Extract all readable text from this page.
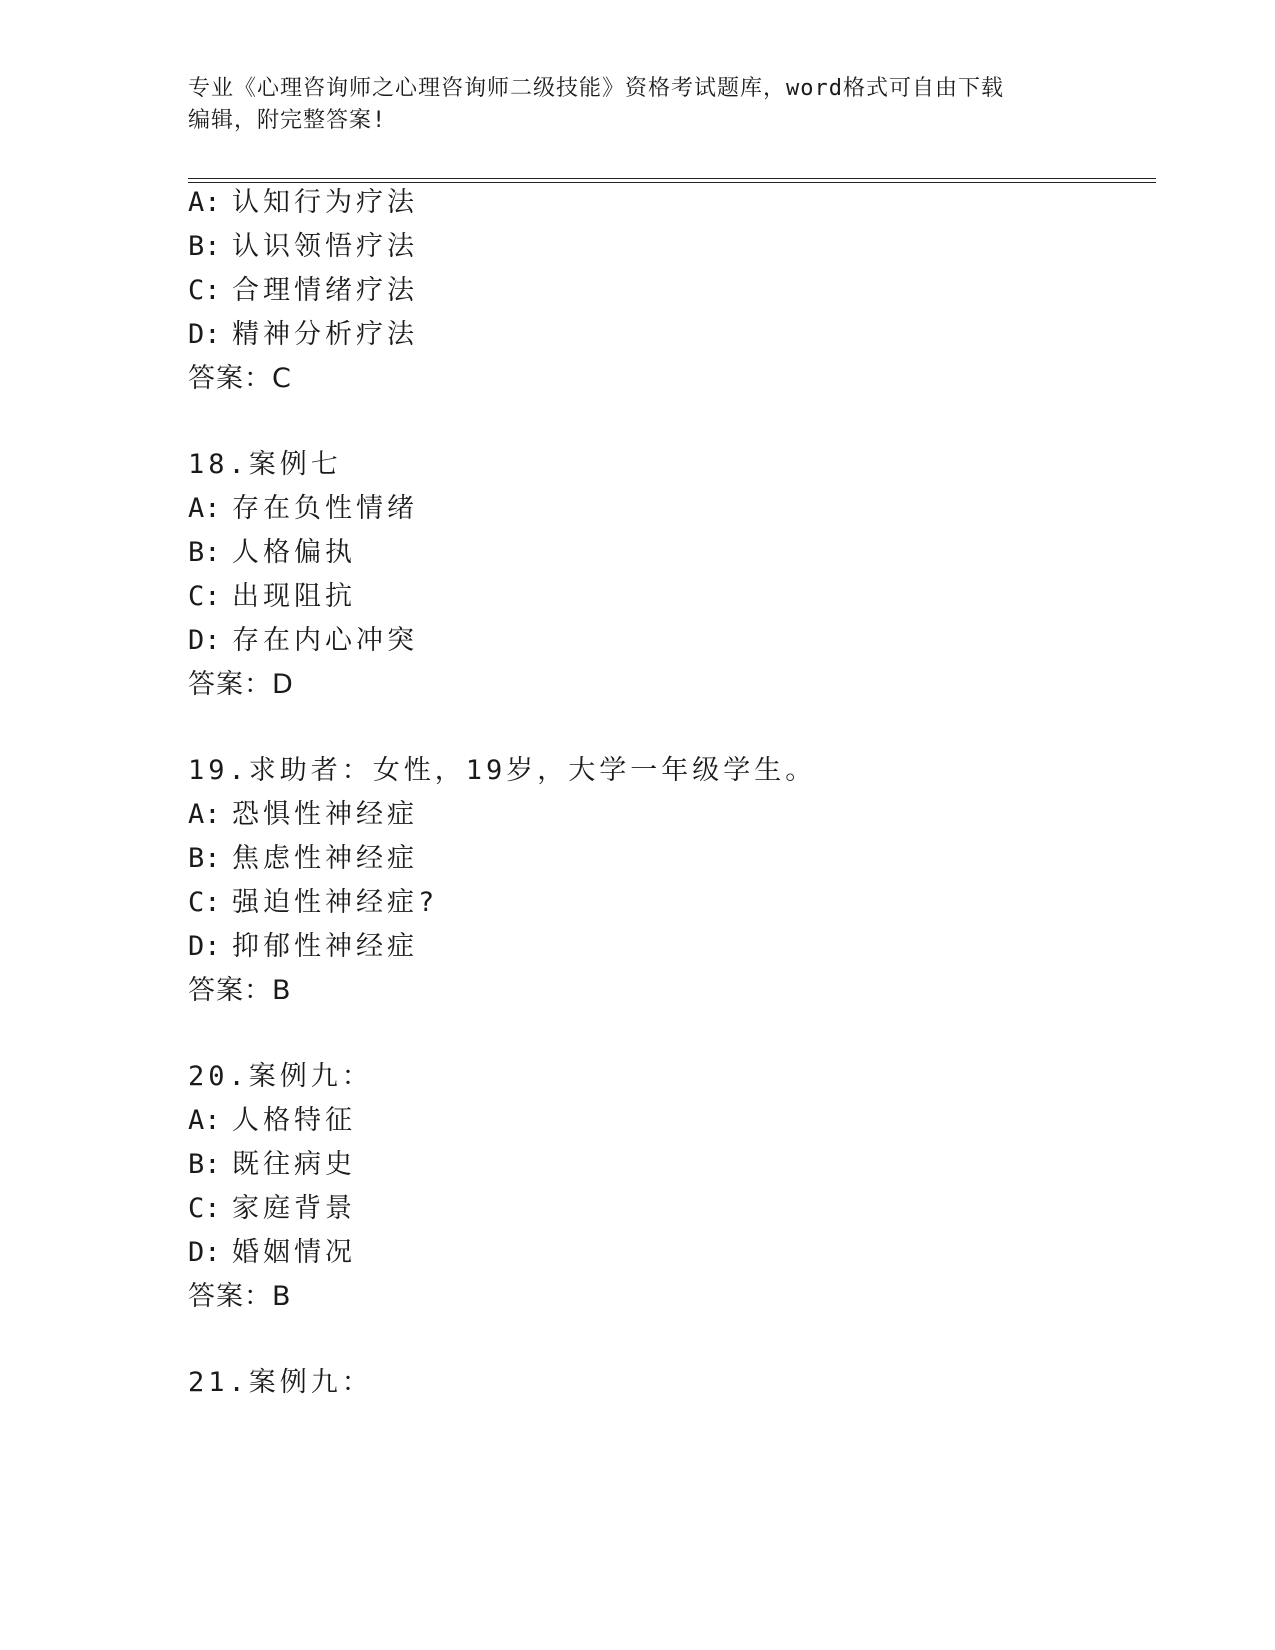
专业《心理咨询师之心理咨询师二级技能》资格考试题库，word格式可自由下载
编辑，附完整答案!
A: 认知行为疗法
B: 认识领悟疗法
C: 合理情绪疗法
D: 精神分析疗法
答案：C
18.案例七
A: 存在负性情绪
B: 人格偏执
C: 出现阻抗
D: 存在内心冲突
答案：D
19.求助者：女性，19岁，大学一年级学生。
A: 恐惧性神经症
B: 焦虑性神经症
C: 强迫性神经症?
D: 抑郁性神经症
答案：B
20.案例九：
A: 人格特征
B: 既往病史
C: 家庭背景
D: 婚姻情况
答案：B
21.案例九：
